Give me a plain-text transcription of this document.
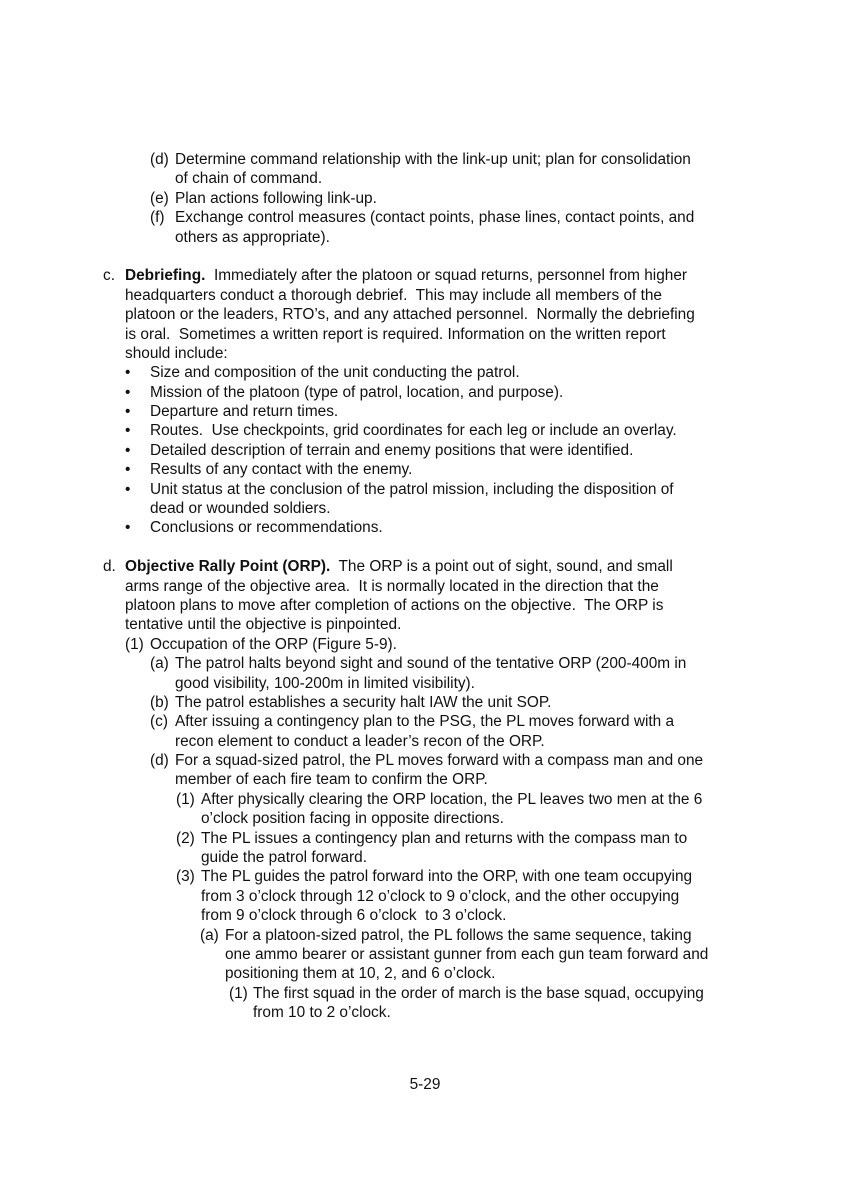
(d) Determine command relationship with the link-up unit; plan for consolidation
of chain of command.
(e) Plan actions following link-up.
(f) Exchange control measures (contact points, phase lines, contact points, and
others as appropriate).
c. Debriefing.  Immediately after the platoon or squad returns, personnel from higher
headquarters conduct a thorough debrief.  This may include all members of the
platoon or the leaders, RTO’s, and any attached personnel.  Normally the debriefing
is oral.  Sometimes a written report is required. Information on the written report
should include:
• Size and composition of the unit conducting the patrol.
• Mission of the platoon (type of patrol, location, and purpose).
• Departure and return times.
• Routes.  Use checkpoints, grid coordinates for each leg or include an overlay.
• Detailed description of terrain and enemy positions that were identified.
• Results of any contact with the enemy.
• Unit status at the conclusion of the patrol mission, including the disposition of
dead or wounded soldiers.
• Conclusions or recommendations.
d. Objective Rally Point (ORP).  The ORP is a point out of sight, sound, and small
arms range of the objective area.  It is normally located in the direction that the
platoon plans to move after completion of actions on the objective.  The ORP is
tentative until the objective is pinpointed.
(1) Occupation of the ORP (Figure 5-9).
(a) The patrol halts beyond sight and sound of the tentative ORP (200-400m in
good visibility, 100-200m in limited visibility).
(b) The patrol establishes a security halt IAW the unit SOP.
(c) After issuing a contingency plan to the PSG, the PL moves forward with a
recon element to conduct a leader’s recon of the ORP.
(d) For a squad-sized patrol, the PL moves forward with a compass man and one
member of each fire team to confirm the ORP.
(1) After physically clearing the ORP location, the PL leaves two men at the 6
o’clock position facing in opposite directions.
(2) The PL issues a contingency plan and returns with the compass man to
guide the patrol forward.
(3) The PL guides the patrol forward into the ORP, with one team occupying
from 3 o’clock through 12 o’clock to 9 o’clock, and the other occupying
from 9 o’clock through 6 o’clock  to 3 o’clock.
(a) For a platoon-sized patrol, the PL follows the same sequence, taking
one ammo bearer or assistant gunner from each gun team forward and
positioning them at 10, 2, and 6 o’clock.
(1) The first squad in the order of march is the base squad, occupying
from 10 to 2 o’clock.
5-29
